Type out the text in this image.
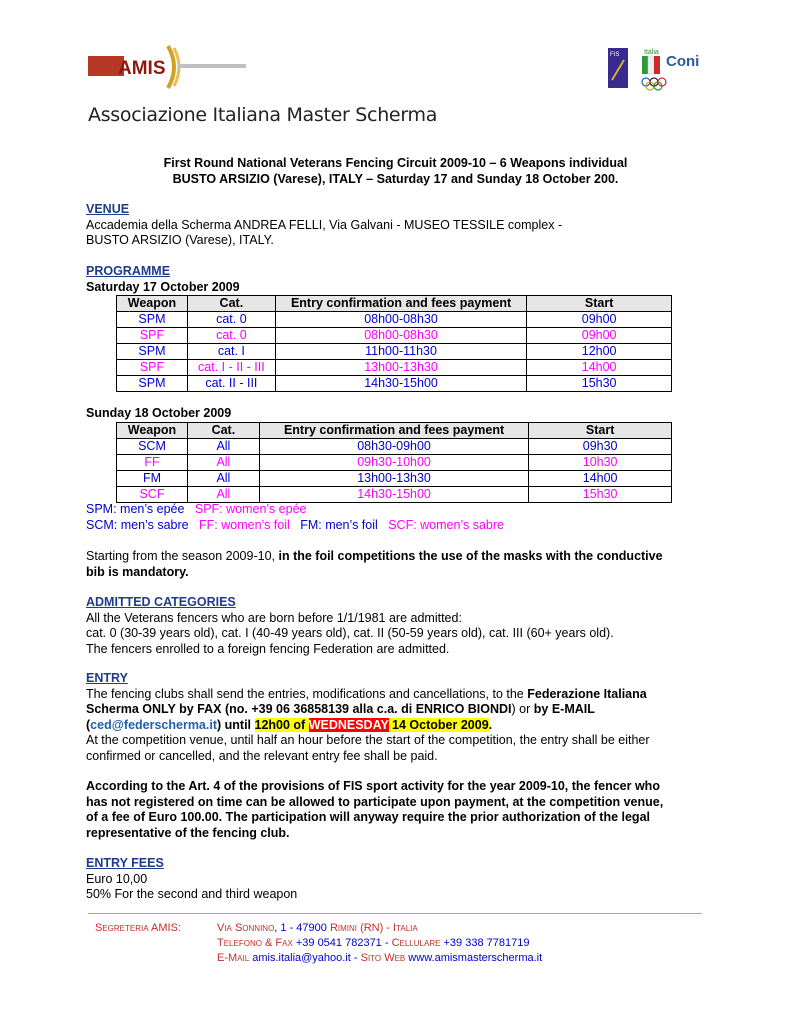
AMIS
FIS	Italia
Coni
Associazione Italiana Master Scherma
First Round National Veterans Fencing Circuit 2009-10 – 6 Weapons individual
BUSTO ARSIZIO (Varese), ITALY – Saturday 17 and Sunday 18 October 200.
VENUE
Accademia della Scherma ANDREA FELLI, Via Galvani - MUSEO TESSILE complex -
BUSTO ARSIZIO (Varese), ITALY.
PROGRAMME
Saturday 17 October 2009
Weapon	Cat.	Entry confirmation and fees payment	Start
SPM	cat. 0	08h00-08h30	09h00
SPF	cat. 0	08h00-08h30	09h00
SPM	cat. I	11h00-11h30	12h00
SPF	cat. I - II - III	13h00-13h30	14h00
SPM	cat. II - III	14h30-15h00	15h30
Sunday 18 October 2009
Weapon	Cat.	Entry confirmation and fees payment	Start
SCM	All	08h30-09h00	09h30
FF	All	09h30-10h00	10h30
FM	All	13h00-13h30	14h00
SCF	All	14h30-15h00	15h30
SPM: men’s epée SPF: women’s epée
SCM: men’s sabre FF: women’s foil FM: men’s foil SCF: women’s sabre
Starting from the season 2009-10, in the foil competitions the use of the masks with the conductive
bib is mandatory.
ADMITTED CATEGORIES
All the Veterans fencers who are born before 1/1/1981 are admitted:
cat. 0 (30-39 years old), cat. I (40-49 years old), cat. II (50-59 years old), cat. III (60+ years old).
The fencers enrolled to a foreign fencing Federation are admitted.
ENTRY
The fencing clubs shall send the entries, modifications and cancellations, to the Federazione Italiana
Scherma ONLY by FAX (no. +39 06 36858139 alla c.a. di ENRICO BIONDI) or by E-MAIL
(ced@federscherma.it) until 12h00 of WEDNESDAY 14 October 2009.
At the competition venue, until half an hour before the start of the competition, the entry shall be either
confirmed or cancelled, and the relevant entry fee shall be paid.
According to the Art. 4 of the provisions of FIS sport activity for the year 2009-10, the fencer who
has not registered on time can be allowed to participate upon payment, at the competition venue,
of a fee of Euro 100.00. The participation will anyway require the prior authorization of the legal
representative of the fencing club.
ENTRY FEES
Euro 10,00
50% For the second and third weapon
Segreteria AMIS:	Via Sonnino, 1 - 47900 Rimini (RN) - Italia
Telefono & Fax +39 0541 782371 - Cellulare +39 338 7781719
E-Mail amis.italia@yahoo.it - Sito Web www.amismasterscherma.it
